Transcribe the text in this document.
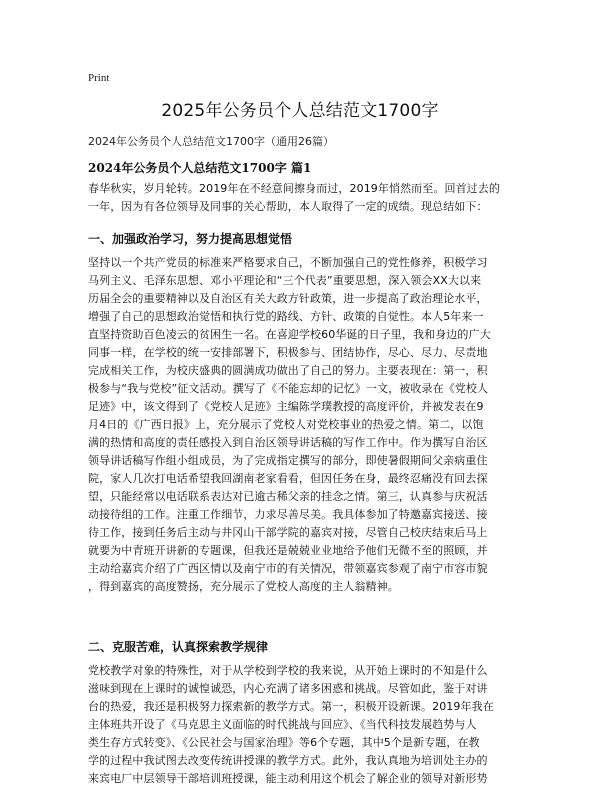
Print
2025年公务员个人总结范文1700字
2024年公务员个人总结范文1700字（通用26篇）
2024年公务员个人总结范文1700字 篇1

春华秋实，岁月轮转。2019年在不经意间擦身而过，2019年悄然而至。回首过去的

一年，因为有各位领导及同事的关心帮助，本人取得了一定的成绩。现总结如下：

一、加强政治学习，努力提高思想觉悟

坚持以一个共产党员的标准来严格要求自己，不断加强自己的党性修养，积极学习

马列主义、毛泽东思想、邓小平理论和“三个代表”重要思想，深入领会XX大以来

历届全会的重要精神以及自治区有关大政方针政策，进一步提高了政治理论水平，

增强了自己的思想政治觉悟和执行党的路线、方针、政策的自觉性。本人5年来一

直坚持资助百色凌云的贫困生一名。在喜迎学校60华诞的日子里，我和身边的广大

同事一样，在学校的统一安排部署下，积极参与、团结协作，尽心、尽力、尽责地

完成相关工作，为校庆盛典的圆满成功做出了自己的努力。主要表现在：第一，积

极参与“我与党校”征文活动。撰写了《不能忘却的记忆》一文，被收录在《党校人

足迹》中，该文得到了《党校人足迹》主编陈学璞教授的高度评价，并被发表在9

月4日的《广西日报》上，充分展示了党校人对党校事业的热爱之情。第二，以饱

满的热情和高度的责任感投入到自治区领导讲话稿的写作工作中。作为撰写自治区

领导讲话稿写作组小组成员，为了完成指定撰写的部分，即使暑假期间父亲病重住

院，家人几次打电话希望我回湖南老家看看，但因任务在身，最终忍痛没有回去探

望，只能经常以电话联系表达对已逾古稀父亲的挂念之情。第三，认真参与庆祝活

动接待组的工作。注重工作细节，力求尽善尽美。我具体参加了特邀嘉宾接送、接

待工作，接到任务后主动与井冈山干部学院的嘉宾对接，尽管自己校庆结束后马上

就要为中青班开讲新的专题课，但我还是兢兢业业地给予他们无微不至的照顾，并

主动给嘉宾介绍了广西区情以及南宁市的有关情况，带领嘉宾参观了南宁市容市貌

，得到嘉宾的高度赞扬，充分展示了党校人高度的主人翁精神。

二、克服苦难，认真探索教学规律

党校教学对象的特殊性，对于从学校到学校的我来说，从开始上课时的不知是什么

滋味到现在上课时的诚惶诚恐，内心充满了诸多困惑和挑战。尽管如此，鉴于对讲

台的热爱，我还是积极努力探索新的教学方式。第一，积极开设新课。2019年我在

主体班共开设了《马克思主义面临的时代挑战与回应》、《当代科技发展趋势与人

类生存方式转变》、《公民社会与国家治理》等6个专题，其中5个是新专题，在教

学的过程中我试图去改变传统讲授课的教学方式。此外，我认真地为培训处主办的

来宾电厂中层领导干部培训班授课，能主动利用这个机会了解企业的领导对新形势
